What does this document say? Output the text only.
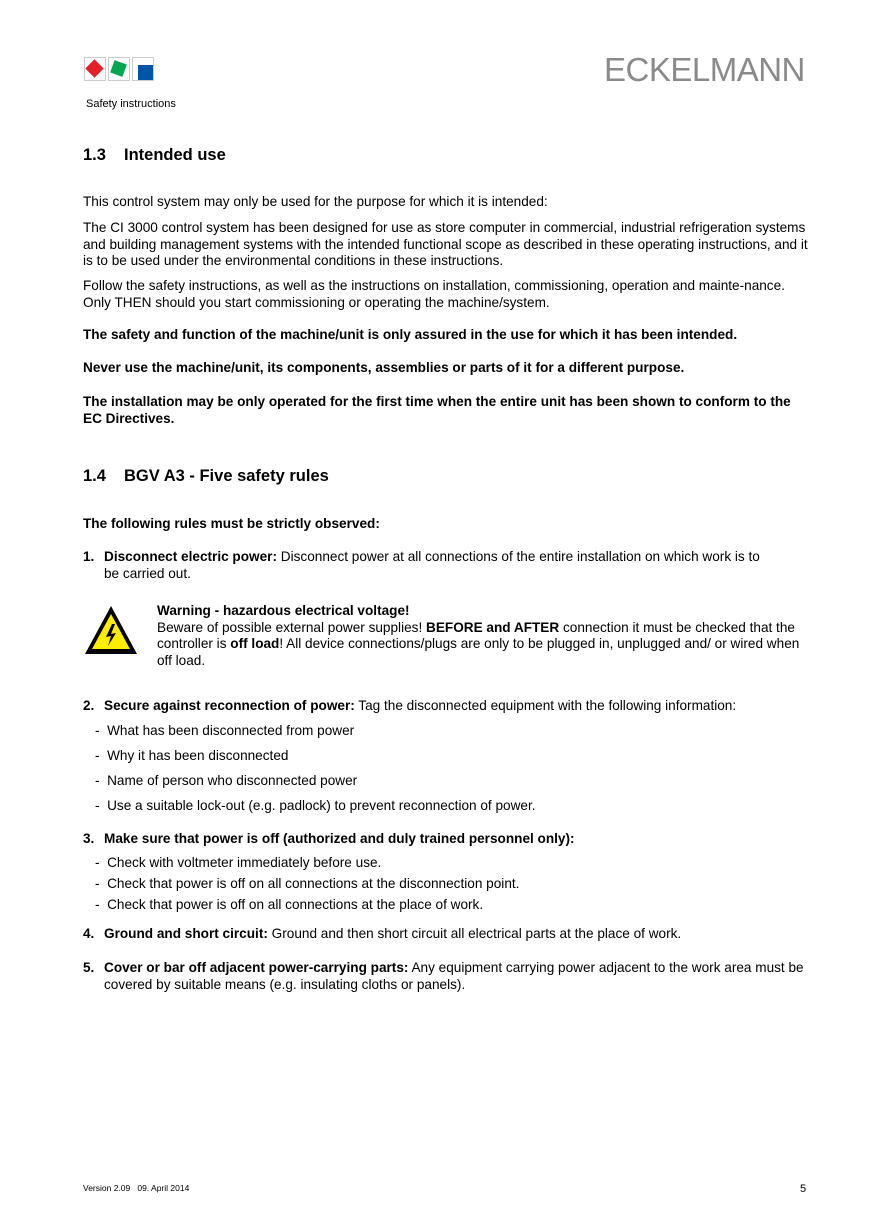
Safety instructions
ECKELMANN
1.3 Intended use
This control system may only be used for the purpose for which it is intended:
The CI 3000 control system has been designed for use as store computer in commercial, industrial refrigeration systems and building management systems with the intended functional scope as described in these operating instructions, and it is to be used under the environmental conditions in these instructions.
Follow the safety instructions, as well as the instructions on installation, commissioning, operation and mainte-nance. Only THEN should you start commissioning or operating the machine/system.
The safety and function of the machine/unit is only assured in the use for which it has been intended.
Never use the machine/unit, its components, assemblies or parts of it for a different purpose.
The installation may be only operated for the first time when the entire unit has been shown to conform to the EC Directives.
1.4 BGV A3 - Five safety rules
The following rules must be strictly observed:
1. Disconnect electric power: Disconnect power at all connections of the entire installation on which work is to be carried out.
Warning - hazardous electrical voltage!
Beware of possible external power supplies! BEFORE and AFTER connection it must be checked that the controller is off load! All device connections/plugs are only to be plugged in, unplugged and/ or wired when off load.
2. Secure against reconnection of power: Tag the disconnected equipment with the following information:
-  What has been disconnected from power
-  Why it has been disconnected
-  Name of person who disconnected power
-  Use a suitable lock-out (e.g. padlock) to prevent reconnection of power.
3. Make sure that power is off (authorized and duly trained personnel only):
-  Check with voltmeter immediately before use.
-  Check that power is off on all connections at the disconnection point.
-  Check that power is off on all connections at the place of work.
4. Ground and short circuit: Ground and then short circuit all electrical parts at the place of work.
5. Cover or bar off adjacent power-carrying parts: Any equipment carrying power adjacent to the work area must be covered by suitable means (e.g. insulating cloths or panels).
Version 2.09   09. April 2014	5
